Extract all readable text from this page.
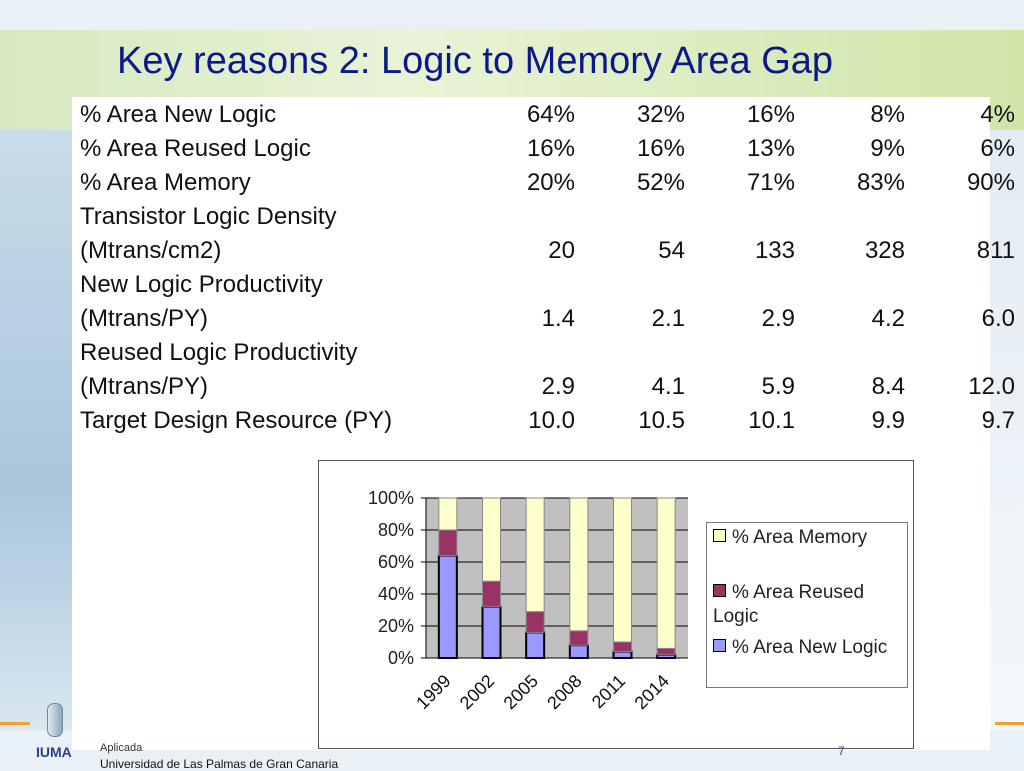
Key reasons 2: Logic to Memory Area Gap
% Area New Logic	64%	32%	16%	8%	4%
% Area Reused Logic	16%	16%	13%	9%	6%
% Area Memory	20%	52%	71%	83%	90%
Transistor Logic Density					
(Mtrans/cm2)	20	54	133	328	811
New Logic Productivity					
(Mtrans/PY)	1.4	2.1	2.9	4.2	6.0
Reused Logic Productivity					
(Mtrans/PY)	2.9	4.1	5.9	8.4	12.0
Target Design Resource (PY)	10.0	10.5	10.1	9.9	9.7
100%
80%
60%
40%
20%
0%
1999 2002 2005 2008 2011 2014
% Area Memory
% Area Reused Logic
% Area New Logic
IUMA	Aplicada
Universidad de Las Palmas de Gran Canaria
7
